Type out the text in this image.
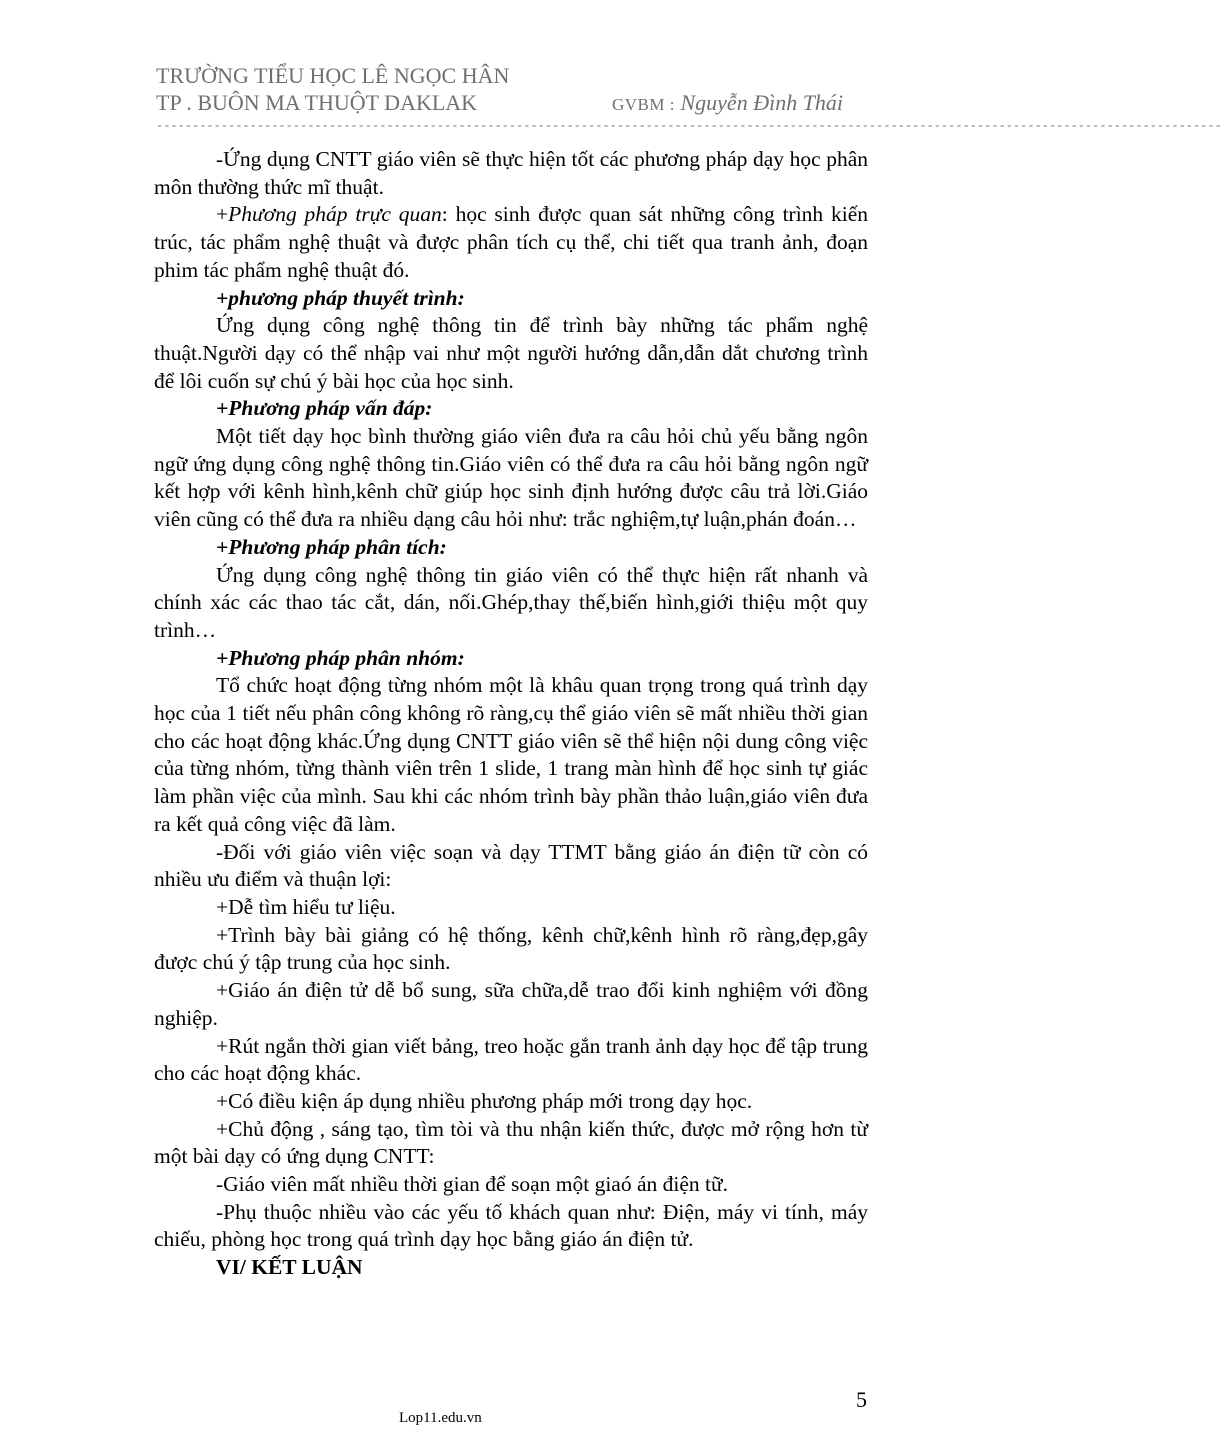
TRƯỜNG TIỂU HỌC LÊ NGỌC HÂN
TP . BUÔN MA THUỘT DAKLAK	GVBM : Nguyễn Đình Thái
----------------------------------------------------------------------------------------------------------------------------------------------------

-Ứng dụng CNTT giáo viên sẽ thực hiện tốt các phương pháp dạy học phân môn thường thức mĩ thuật.

+Phương pháp trực quan: học sinh được quan sát những công trình kiến trúc, tác phẩm nghệ thuật và được phân tích cụ thể, chi tiết qua tranh ảnh, đoạn phim tác phẩm nghệ thuật đó.

+phương pháp thuyết trình:

Ứng dụng công nghệ thông tin để trình bày những tác phẩm nghệ thuật.Người dạy có thể nhập vai như một người hướng dẫn,dẫn dắt chương trình để lôi cuốn sự chú ý bài học của học sinh.

+Phương pháp vấn đáp:

Một tiết dạy học bình thường giáo viên đưa ra câu hỏi chủ yếu bằng ngôn ngữ ứng dụng công nghệ thông tin.Giáo viên có thể đưa ra câu hỏi bằng ngôn ngữ kết hợp với kênh hình,kênh chữ giúp học sinh định hướng được câu trả lời.Giáo viên cũng có thể đưa ra nhiều dạng câu hỏi như: trắc nghiệm,tự luận,phán đoán…

+Phương pháp phân tích:

Ứng dụng công nghệ thông tin giáo viên có thể thực hiện rất nhanh và chính xác các thao tác cắt, dán, nối.Ghép,thay thế,biến hình,giới thiệu một quy trình…

+Phương pháp phân nhóm:

Tổ chức hoạt động từng nhóm một là khâu quan trọng trong quá trình dạy học của 1 tiết nếu phân công không rõ ràng,cụ thể giáo viên sẽ mất nhiều thời gian cho các hoạt động khác.Ứng dụng CNTT giáo viên sẽ thể hiện nội dung công việc của từng nhóm, từng thành viên trên 1 slide, 1 trang màn hình để học sinh tự giác làm phần việc của mình. Sau khi các nhóm trình bày phần thảo luận,giáo viên đưa ra kết quả công việc đã làm.

-Đối với giáo viên việc soạn và dạy TTMT bằng giáo án điện tữ còn có nhiều ưu điểm và thuận lợi:

+Dễ tìm hiểu tư liệu.

+Trình bày bài giảng có hệ thống, kênh chữ,kênh hình rõ ràng,đẹp,gây được chú ý tập trung của học sinh.

+Giáo án điện tử dễ bổ sung, sữa chữa,dễ trao đổi kinh nghiệm với đồng nghiệp.

+Rút ngắn thời gian viết bảng, treo hoặc gắn tranh ảnh dạy học để tập trung cho các hoạt động khác.

+Có điều kiện áp dụng nhiều phương pháp mới trong dạy học.

+Chủ động , sáng tạo, tìm tòi và thu nhận kiến thức, được mở rộng hơn từ một bài dạy có ứng dụng CNTT:

-Giáo viên mất nhiều thời gian để soạn một giaó án điện tữ.

-Phụ thuộc nhiều vào các yếu tố khách quan như: Điện, máy vi tính, máy chiếu, phòng học trong quá trình dạy học bằng giáo án điện tử.

VI/ KẾT LUẬN

5
Lop11.edu.vn
